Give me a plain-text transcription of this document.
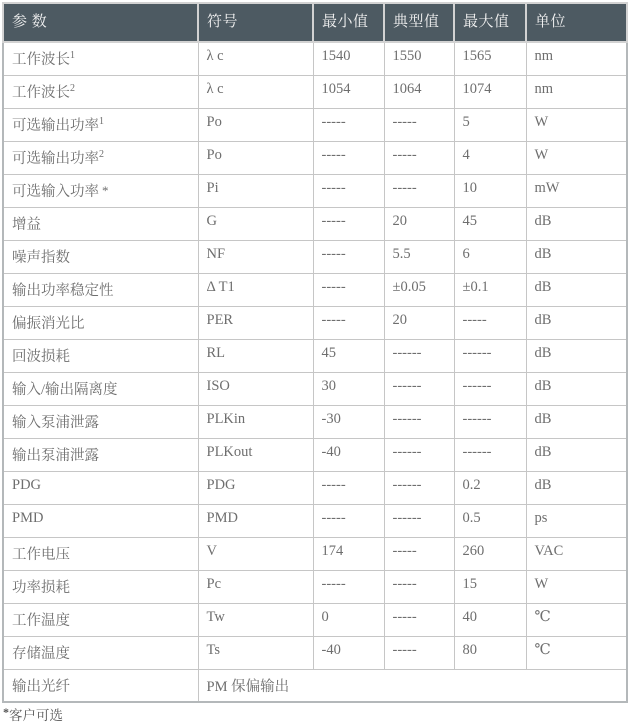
参 数	符号	最小值	典型值	最大值	单位
工作波长$^1$	λ c	1540	1550	1565	nm
工作波长$^2$	λ c	1054	1064	1074	nm
可选输出功率$^1$	Po	-----	-----	5	W
可选输出功率$^2$	Po	-----	-----	4	W
可选输入功率 *	Pi	-----	-----	10	mW
增益	G	-----	20	45	dB
噪声指数	NF	-----	5.5	6	dB
输出功率稳定性	Δ T1	-----	±0.05	±0.1	dB
偏振消光比	PER	-----	20	-----	dB
回波损耗	RL	45	------	------	dB
输入/输出隔离度	ISO	30	------	------	dB
输入泵浦泄露	PLKin	-30	------	------	dB
输出泵浦泄露	PLKout	-40	------	------	dB
PDG	PDG	-----	------	0.2	dB
PMD	PMD	-----	------	0.5	ps
工作电压	V	174	-----	260	VAC
功率损耗	Pc	-----	-----	15	W
工作温度	Tw	0	-----	40	℃
存储温度	Ts	-40	-----	80	℃
输出光纤	PM 保偏输出				
*客户可选
